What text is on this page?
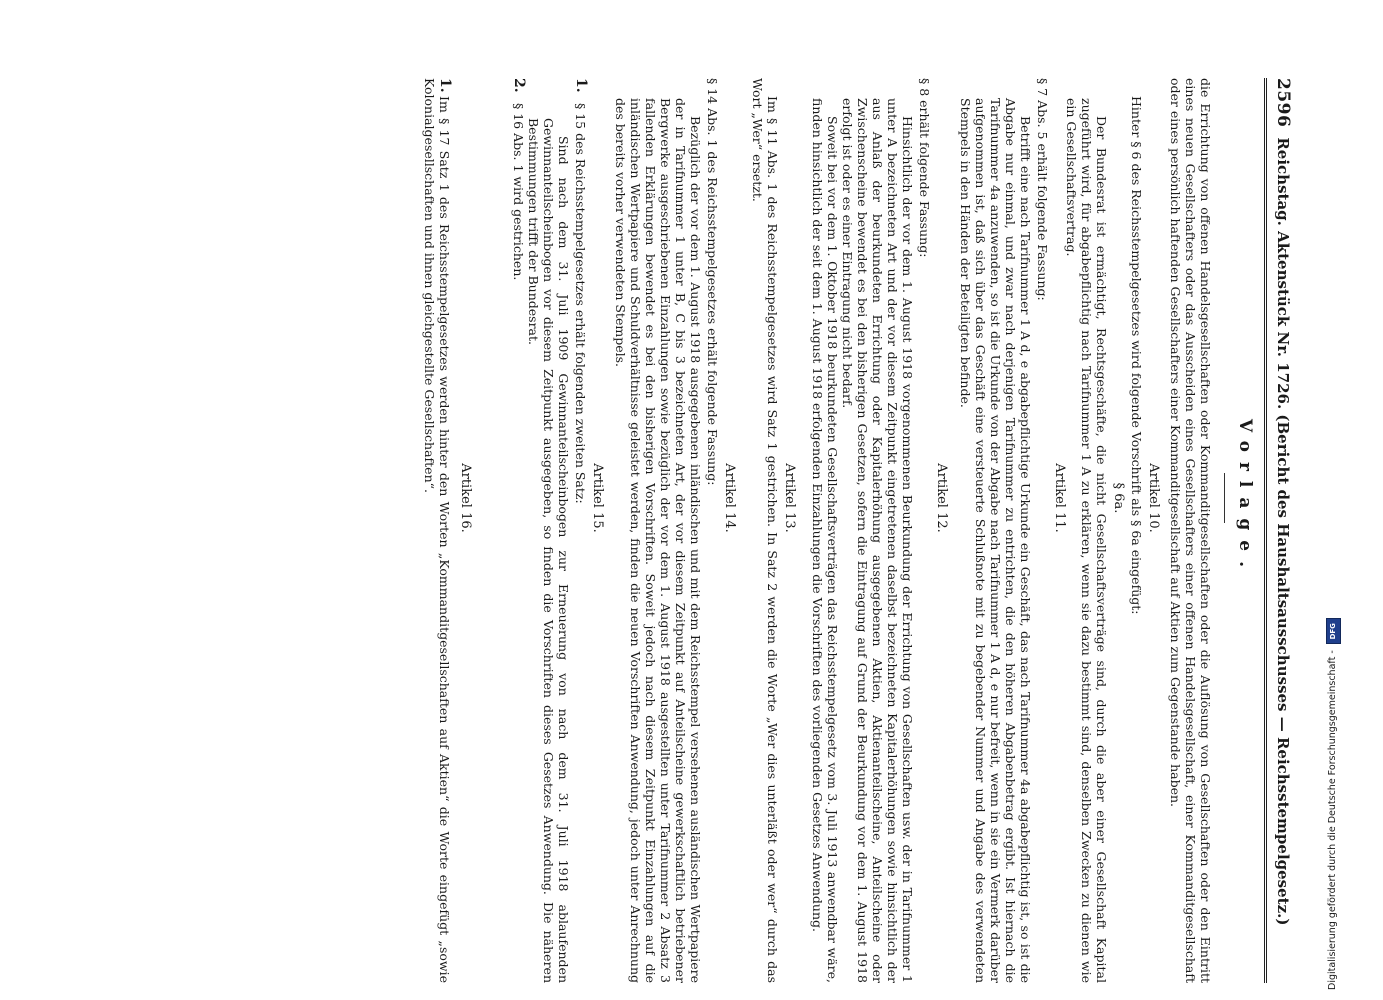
2596
Reichstag. Aktenstück Nr. 1726. (Bericht des Haushaltsausschusses — Reichsstempelgesetz.)
Vorlage.

die Errichtung von offenen Handelsgesellschaften oder Kommanditgesellschaften oder die Auflösung von Gesellschaften oder den Eintritt eines neuen Gesellschafters oder das Ausscheiden eines Gesellschafters einer offenen Handelsgesellschaft, einer Kommanditgesellschaft oder eines persönlich haftenden Gesellschafters einer Kommanditgesellschaft auf Aktien zum Gegenstande haben.

Artikel 10.

Hinter § 6 des Reichsstempelgesetzes wird folgende Vorschrift als § 6a eingefügt:

§ 6a.

Der Bundesrat ist ermächtigt, Rechtsgeschäfte, die nicht Gesellschaftsverträge sind, durch die aber einer Gesellschaft Kapital zugeführt wird, für abgabepflichtig nach Tarifnummer 1 A zu erklären, wenn sie dazu bestimmt sind, denselben Zwecken zu dienen wie ein Gesellschaftsvertrag.

Artikel 11.

§ 7 Abs. 5 erhält folgende Fassung:

Betrifft eine nach Tarifnummer 1 A d, e abgabepflichtige Urkunde ein Geschäft, das nach Tarifnummer 4a abgabepflichtig ist, so ist die Abgabe nur einmal, und zwar nach derjenigen Tarifnummer zu entrichten, die den höheren Abgabenbetrag ergibt. Ist hiernach die Tarifnummer 4a anzuwenden, so ist die Urkunde von der Abgabe nach Tarifnummer 1 A d, e nur befreit, wenn in sie ein Vermerk darüber aufgenommen ist, daß sich über das Geschäft eine versteuerte Schlußnote mit zu begebender Nummer und Angabe des verwendeten Stempels in den Händen der Beteiligten befinde.

Artikel 12.

§ 8 erhält folgende Fassung:

Hinsichtlich der vor dem 1. August 1918 vorgenommenen Beurkundung der Errichtung von Gesellschaften usw. der in Tarifnummer 1 unter A bezeichneten Art und der vor diesem Zeitpunkt eingetretenen daselbst bezeichneten Kapitalerhöhungen sowie hinsichtlich der aus Anlaß der beurkundeten Errichtung oder Kapitalerhöhung ausgegebenen Aktien, Aktienanteilscheine, Anteilscheine oder Zwischenscheine bewendet es bei den bisherigen Gesetzen, sofern die Eintragung auf Grund der Beurkundung vor dem 1. August 1918 erfolgt ist oder es einer Eintragung nicht bedarf.

Soweit bei vor dem 1. Oktober 1918 beurkundeten Gesellschaftsverträgen das Reichsstempelgesetz vom 3. Juli 1913 anwendbar wäre, finden hinsichtlich der seit dem 1. August 1918 erfolgenden Einzahlungen die Vorschriften des vorliegenden Gesetzes Anwendung.

Artikel 13.

Im § 11 Abs. 1 des Reichsstempelgesetzes wird Satz 1 gestrichen. In Satz 2 werden die Worte „Wer dies unterläßt oder wer“ durch das Wort „Wer“ ersetzt.

Artikel 14.

§ 14 Abs. 1 des Reichsstempelgesetzes erhält folgende Fassung:

Bezüglich der vor dem 1. August 1918 ausgegebenen inländischen und mit dem Reichsstempel versehenen ausländischen Wertpapiere der in Tarifnummer 1 unter B, C bis 3 bezeichneten Art, der vor diesem Zeitpunkt auf Anteilscheine gewerkschaftlich betriebener Bergwerke ausgeschriebenen Einzahlungen sowie bezüglich der vor dem 1. August 1918 ausgestellten unter Tarifnummer 2 Absatz 3 fallenden Erklärungen bewendet es bei den bisherigen Vorschriften. Soweit jedoch nach diesem Zeitpunkt Einzahlungen auf die inländischen Wertpapiere und Schuldverhältnisse geleistet werden, finden die neuen Vorschriften Anwendung, jedoch unter Anrechnung des bereits vorher verwendeten Stempels.

Artikel 15.
1.

§ 15 des Reichsstempelgesetzes erhält folgenden zweiten Satz:

Sind nach dem 31. Juli 1909 Gewinnanteilscheinbogen zur Erneuerung von nach dem 31. Juli 1918 ablaufenden Gewinnanteilscheinbogen vor diesem Zeitpunkt ausgegeben, so finden die Vorschriften dieses Gesetzes Anwendung. Die näheren Bestimmungen trifft der Bundesrat.

2.

§ 16 Abs. 1 wird gestrichen.

Artikel 16.
1.

Im § 17 Satz 1 des Reichsstempelgesetzes werden hinter den Worten „Kommanditgesellschaften auf Aktien“ die Worte eingefügt „sowie Kolonialgesellschaften und ihnen gleichgestellte Gesellschaften“.

Digitalisierung gefördert durch die Deutsche Forschungsgemeinschaft -
DFG
